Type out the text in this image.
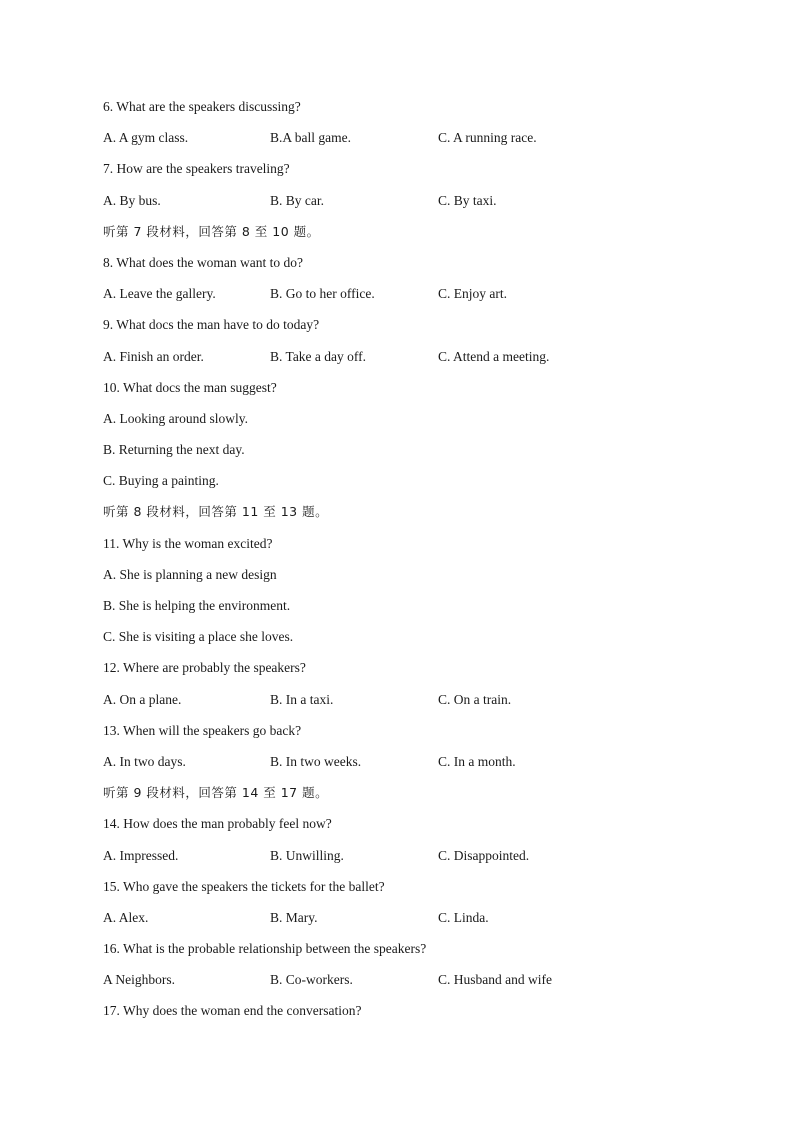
6. What are the speakers discussing?
A. A gym class.	B.A ball game.	C. A running race.
7. How are the speakers traveling?
A. By bus.	B. By car.	C. By taxi.
听第 7 段材料，回答第 8 至 10 题。
8. What does the woman want to do?
A. Leave the gallery.	B. Go to her office.	C. Enjoy art.
9. What docs the man have to do today?
A. Finish an order.	B. Take a day off.	C. Attend a meeting.
10. What docs the man suggest?
A. Looking around slowly.
B. Returning the next day.
C. Buying a painting.
听第 8 段材料，回答第 11 至 13 题。
11. Why is the woman excited?
A. She is planning a new design
B. She is helping the environment.
C. She is visiting a place she loves.
12. Where are probably the speakers?
A. On a plane.	B. In a taxi.	C. On a train.
13. When will the speakers go back?
A. In two days.	B. In two weeks.	C. In a month.
听第 9 段材料，回答第 14 至 17 题。
14. How does the man probably feel now?
A. Impressed.	B. Unwilling.	C. Disappointed.
15. Who gave the speakers the tickets for the ballet?
A. Alex.	B. Mary.	C. Linda.
16. What is the probable relationship between the speakers?
A Neighbors.	B. Co-workers.	C. Husband and wife
17. Why does the woman end the conversation?
